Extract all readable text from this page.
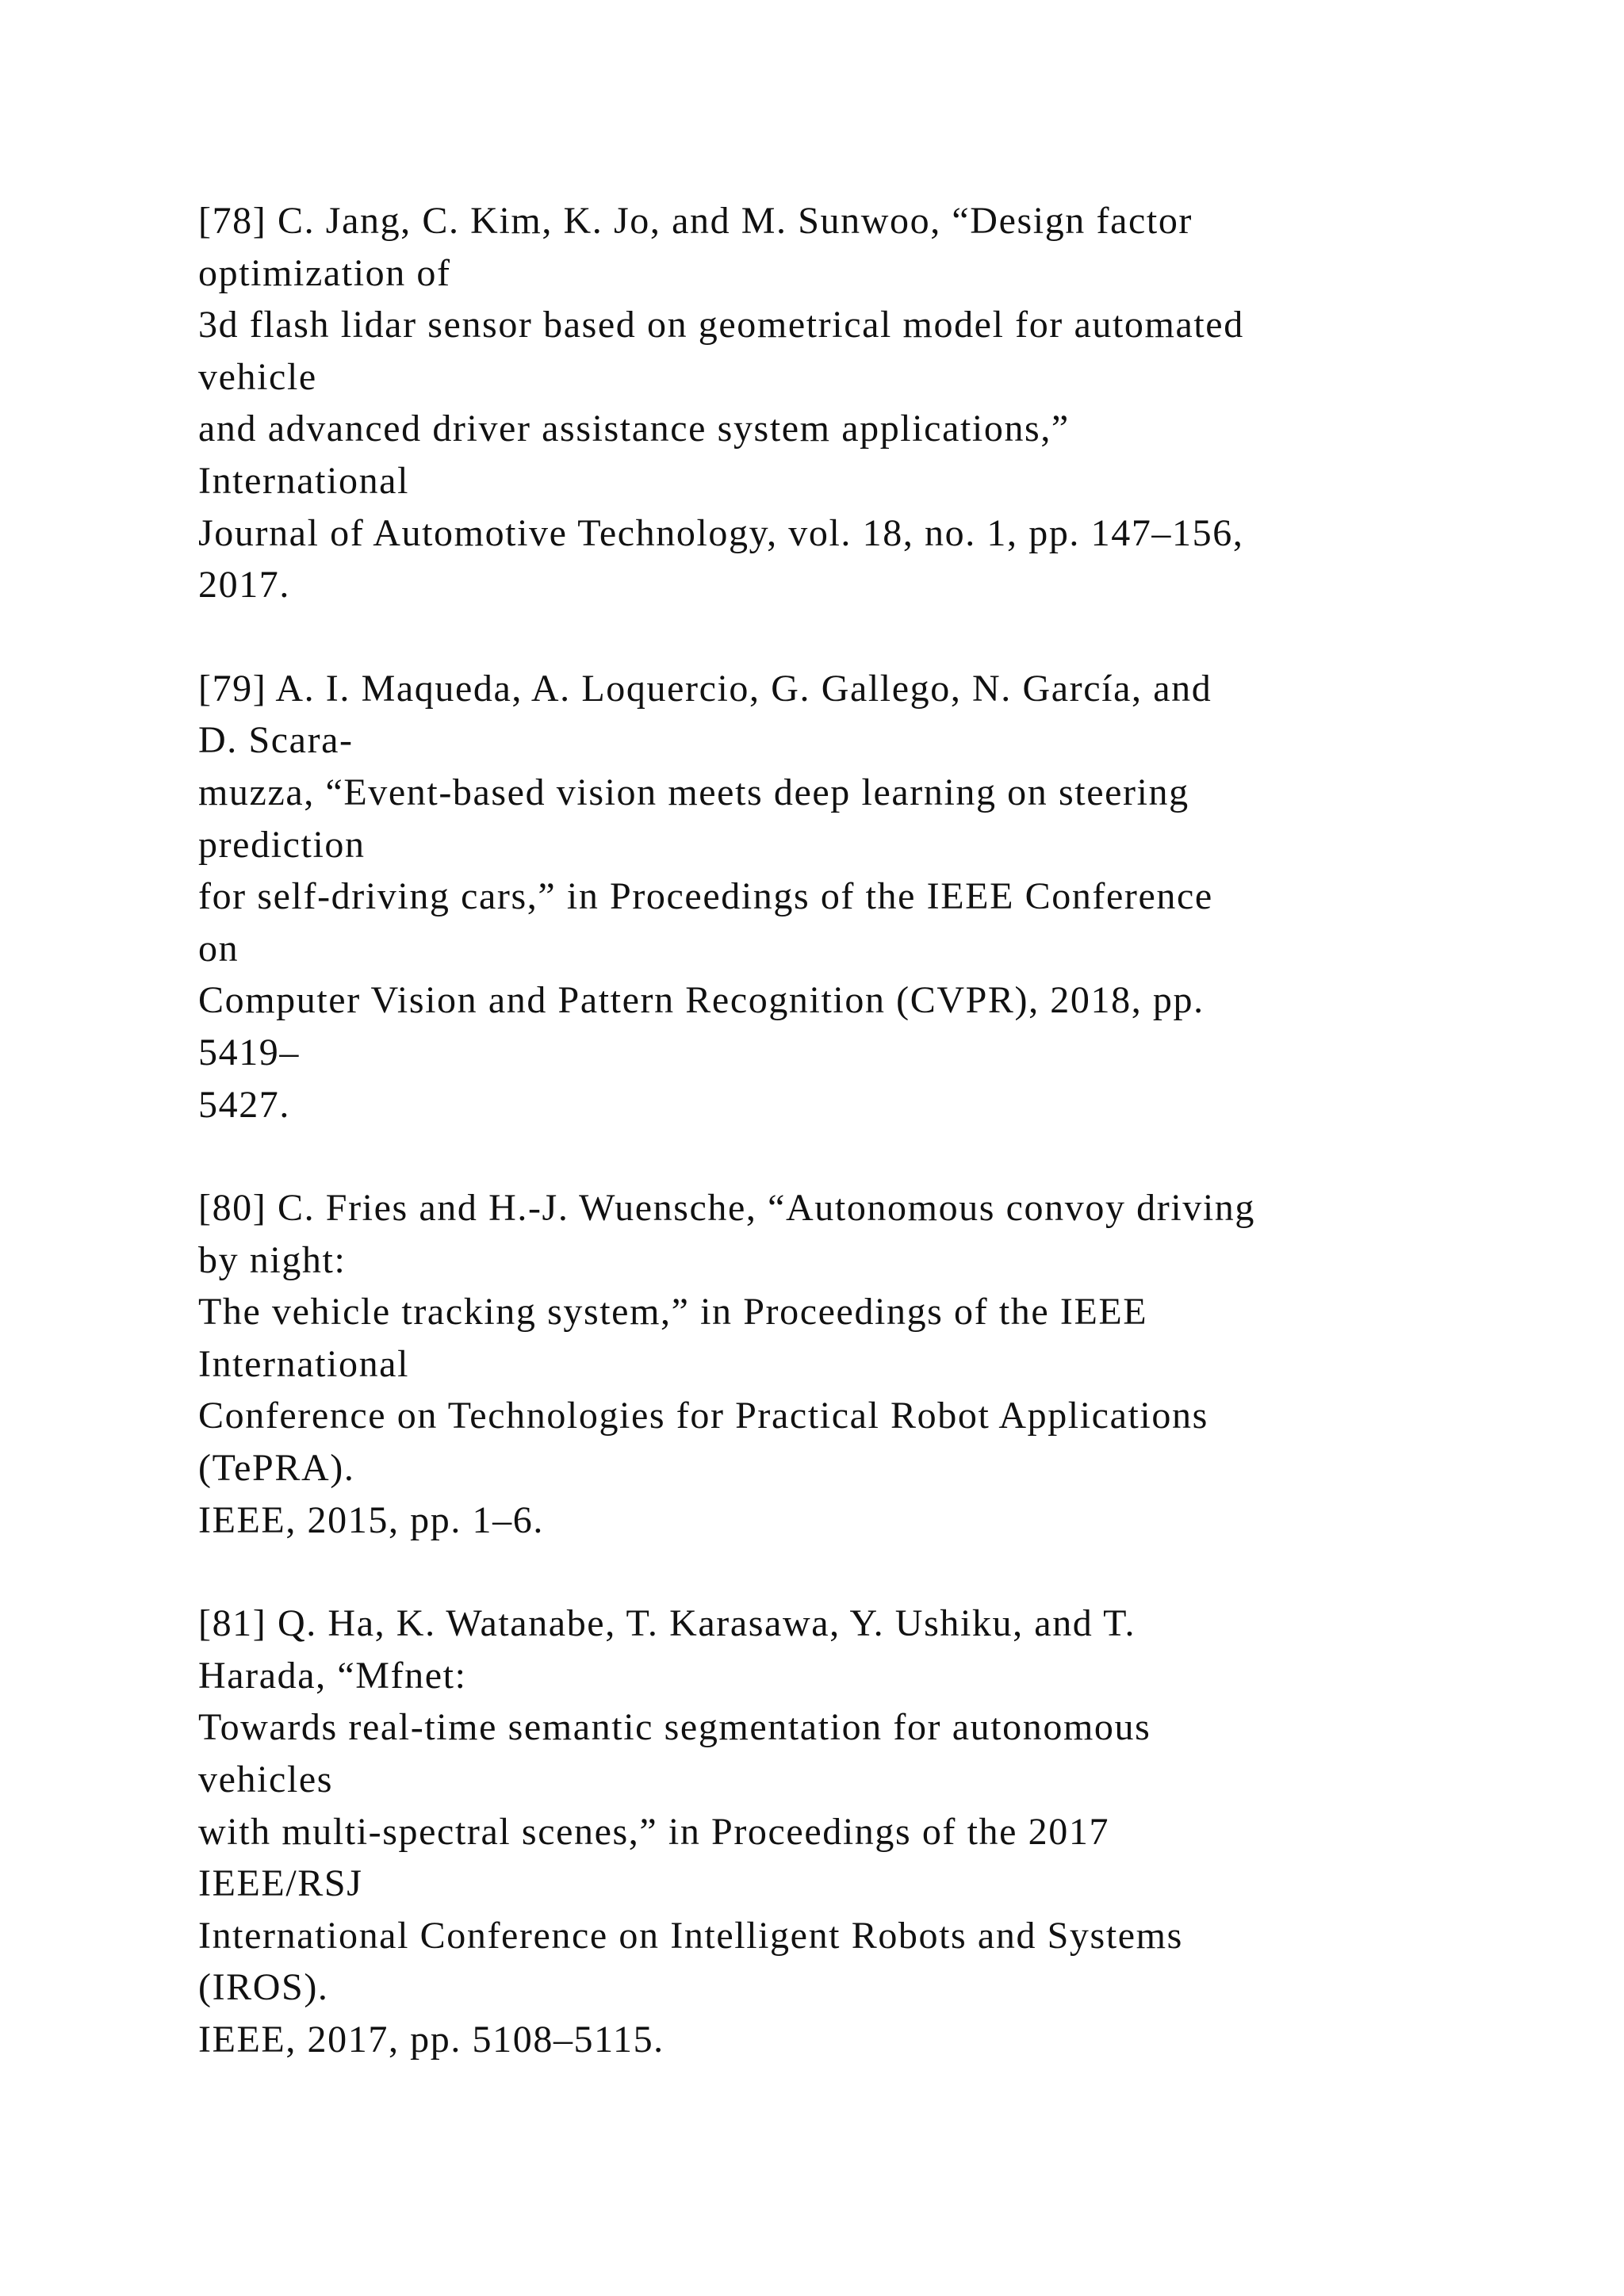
[78] C. Jang, C. Kim, K. Jo, and M. Sunwoo, “Design factor
optimization of
3d flash lidar sensor based on geometrical model for automated
vehicle
and advanced driver assistance system applications,”
International
Journal of Automotive Technology, vol. 18, no. 1, pp. 147–156,
2017.
[79] A. I. Maqueda, A. Loquercio, G. Gallego, N. García, and
D. Scara-
muzza, “Event-based vision meets deep learning on steering
prediction
for self-driving cars,” in Proceedings of the IEEE Conference
on
Computer Vision and Pattern Recognition (CVPR), 2018, pp.
5419–
5427.
[80] C. Fries and H.-J. Wuensche, “Autonomous convoy driving
by night:
The vehicle tracking system,” in Proceedings of the IEEE
International
Conference on Technologies for Practical Robot Applications
(TePRA).
IEEE, 2015, pp. 1–6.
[81] Q. Ha, K. Watanabe, T. Karasawa, Y. Ushiku, and T.
Harada, “Mfnet:
Towards real-time semantic segmentation for autonomous
vehicles
with multi-spectral scenes,” in Proceedings of the 2017
IEEE/RSJ
International Conference on Intelligent Robots and Systems
(IROS).
IEEE, 2017, pp. 5108–5115.
